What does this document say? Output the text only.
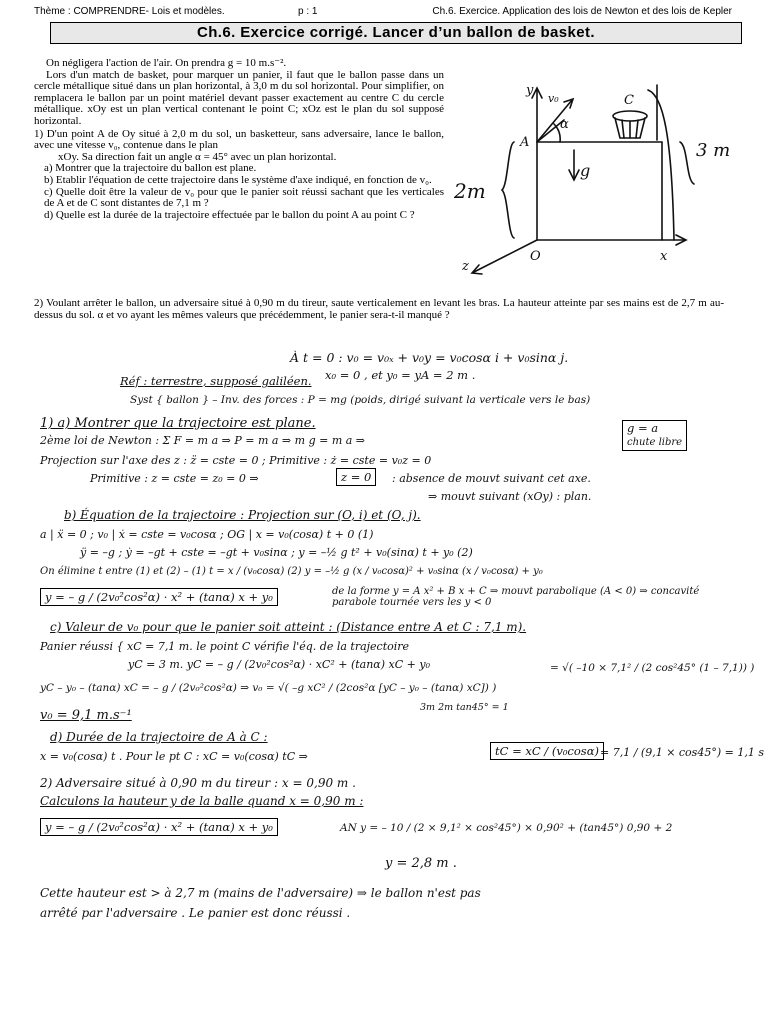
Thème : COMPRENDRE- Lois et modèles.	p : 1	Ch.6. Exercice. Application des lois de Newton et des lois de Kepler
Ch.6. Exercice corrigé. Lancer d’un ballon de basket.

On négligera l'action de l'air. On prendra g = 10 m.s⁻².

Lors d'un match de basket, pour marquer un panier, il faut que le ballon passe dans un cercle métallique situé dans un plan horizontal, à 3,0 m du sol horizontal. Pour simplifier, on remplacera le ballon par un point matériel devant passer exactement au centre C du cercle métallique. xOy est un plan vertical contenant le point C; xOz est le plan du sol supposé horizontal.

1) D'un point A de Oy situé à 2,0 m du sol, un basketteur, sans adversaire, lance le ballon, avec une vitesse v₀, contenue dans le plan

xOy. Sa direction fait un angle α = 45° avec un plan horizontal.

a) Montrer que la trajectoire du ballon est plane.

b) Etablir l'équation de cette trajectoire dans le système d'axe indiqué, en fonction de v₀.

c) Quelle doit être la valeur de v₀ pour que le panier soit réussi sachant que les verticales de A et de C sont distantes de 7,1 m ?

d) Quelle est la durée de la trajectoire effectuée par le ballon du point A au point C ?

2) Voulant arrêter le ballon, un adversaire situé à 0,90 m du tireur, saute verticalement en levant les bras. La hauteur atteinte par ses mains est de 2,7 m au-dessus du sol. α et vo ayant les mêmes valeurs que précédemment, le panier sera-t-il manqué ?

y
v₀
α
C
A
g
3 m
2m
O	x
z
À t = 0 : v₀ = v₀ₓ + v₀y = v₀cosα i + v₀sinα j.
x₀ = 0 , et y₀ = yA = 2 m .
Réf : terrestre, supposé galiléen.
Syst { ballon } – Inv. des forces : P = mg (poids, dirigé suivant la verticale vers le bas)
1) a) Montrer que la trajectoire est plane.
2ème loi de Newton : Σ F = m a ⇒ P = m a ⇒ m g = m a ⇒
g = a
chute libre
Projection sur l'axe des z : z̈ = cste = 0 ; Primitive : ż = cste = v₀z = 0
Primitive : z = cste = z₀ = 0 ⇒	z = 0	: absence de mouvt suivant cet axe.
⇒ mouvt suivant (xOy) : plan.
b) Équation de la trajectoire : Projection sur (O, i) et (O, j).
a | ẍ = 0 ; v₀ | ẋ = cste = v₀cosα ; OG | x = v₀(cosα) t + 0 (1)
ÿ = –g ; ẏ = –gt + cste = –gt + v₀sinα ; y = –½ g t² + v₀(sinα) t + y₀ (2)
On élimine t entre (1) et (2) – (1) t = x / (v₀cosα) (2) y = –½ g (x / v₀cosα)² + v₀sinα (x / v₀cosα) + y₀
y = – g / (2v₀²cos²α) · x² + (tanα) x + y₀	de la forme y = A x² + B x + C ⇒ mouvt parabolique (A < 0) ⇒ concavité parabole tournée vers les y < 0
c) Valeur de v₀ pour que le panier soit atteint : (Distance entre A et C : 7,1 m).
Panier réussi { xC = 7,1 m. le point C vérifie l'éq. de la trajectoire
yC = 3 m. yC = – g / (2v₀²cos²α) · xC² + (tanα) xC + y₀
yC – y₀ – (tanα) xC = – g / (2v₀²cos²α) ⇒ v₀ = √( –g xC² / (2cos²α [yC – y₀ – (tanα) xC]) )
= √( –10 × 7,1² / (2 cos²45° (1 – 7,1)) )
3m 2m tan45° = 1
v₀ = 9,1 m.s⁻¹
d) Durée de la trajectoire de A à C :
x = v₀(cosα) t . Pour le pt C : xC = v₀(cosα) tC ⇒	tC = xC / (v₀cosα) = 7,1 / (9,1 × cos45°) = 1,1 s
2) Adversaire situé à 0,90 m du tireur : x = 0,90 m .
Calculons la hauteur y de la balle quand x = 0,90 m :
y = – g / (2v₀²cos²α) · x² + (tanα) x + y₀	AN y = – 10 / (2 × 9,1² × cos²45°) × 0,90² + (tan45°) 0,90 + 2
y = 2,8 m .
Cette hauteur est > à 2,7 m (mains de l'adversaire) ⇒ le ballon n'est pas
arrêté par l'adversaire . Le panier est donc réussi .
